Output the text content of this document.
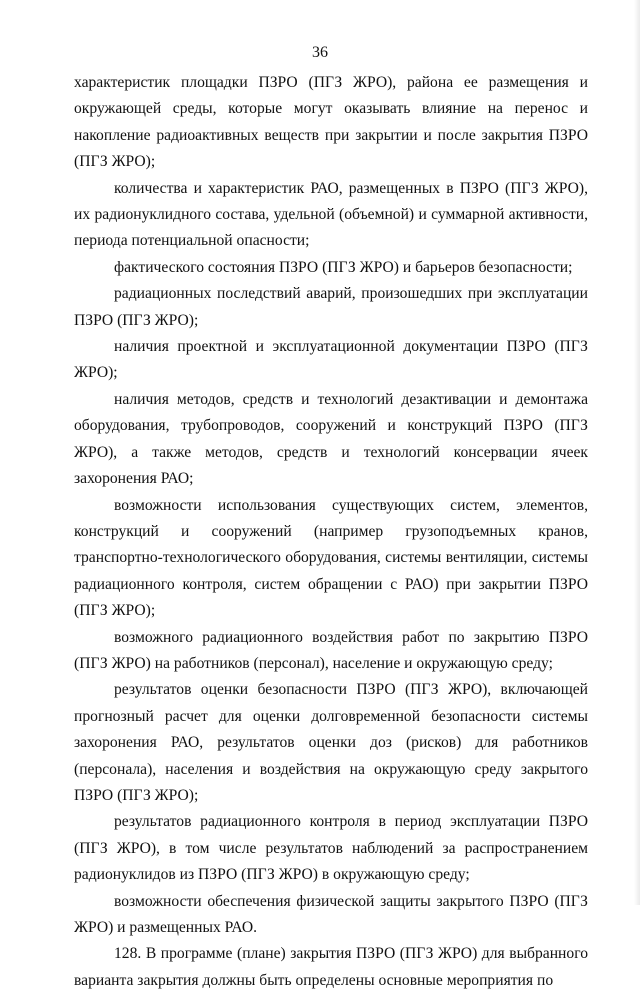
36

характеристик площадки ПЗРО (ПГЗ ЖРО), района ее размещения и окружающей среды, которые могут оказывать влияние на перенос и накопление радиоактивных веществ при закрытии и после закрытия ПЗРО (ПГЗ ЖРО);

количества и характеристик РАО, размещенных в ПЗРО (ПГЗ ЖРО), их радионуклидного состава, удельной (объемной) и суммарной активности, периода потенциальной опасности;

фактического состояния ПЗРО (ПГЗ ЖРО) и барьеров безопасности;

радиационных последствий аварий, произошедших при эксплуатации ПЗРО (ПГЗ ЖРО);

наличия проектной и эксплуатационной документации ПЗРО (ПГЗ ЖРО);

наличия методов, средств и технологий дезактивации и демонтажа оборудования, трубопроводов, сооружений и конструкций ПЗРО (ПГЗ ЖРО), а также методов, средств и технологий консервации ячеек захоронения РАО;

возможности использования существующих систем, элементов, конструкций и сооружений (например грузоподъемных кранов, транспортно-технологического оборудования, системы вентиляции, системы радиационного контроля, систем обращении с РАО) при закрытии ПЗРО (ПГЗ ЖРО);

возможного радиационного воздействия работ по закрытию ПЗРО (ПГЗ ЖРО) на работников (персонал), население и окружающую среду;

результатов оценки безопасности ПЗРО (ПГЗ ЖРО), включающей прогнозный расчет для оценки долговременной безопасности системы захоронения РАО, результатов оценки доз (рисков) для работников (персонала), населения и воздействия на окружающую среду закрытого ПЗРО (ПГЗ ЖРО);

результатов радиационного контроля в период эксплуатации ПЗРО (ПГЗ ЖРО), в том числе результатов наблюдений за распространением радионуклидов из ПЗРО (ПГЗ ЖРО) в окружающую среду;

возможности обеспечения физической защиты закрытого ПЗРО (ПГЗ ЖРО) и размещенных РАО.

128. В программе (плане) закрытия ПЗРО (ПГЗ ЖРО) для выбранного варианта закрытия должны быть определены основные мероприятия по
